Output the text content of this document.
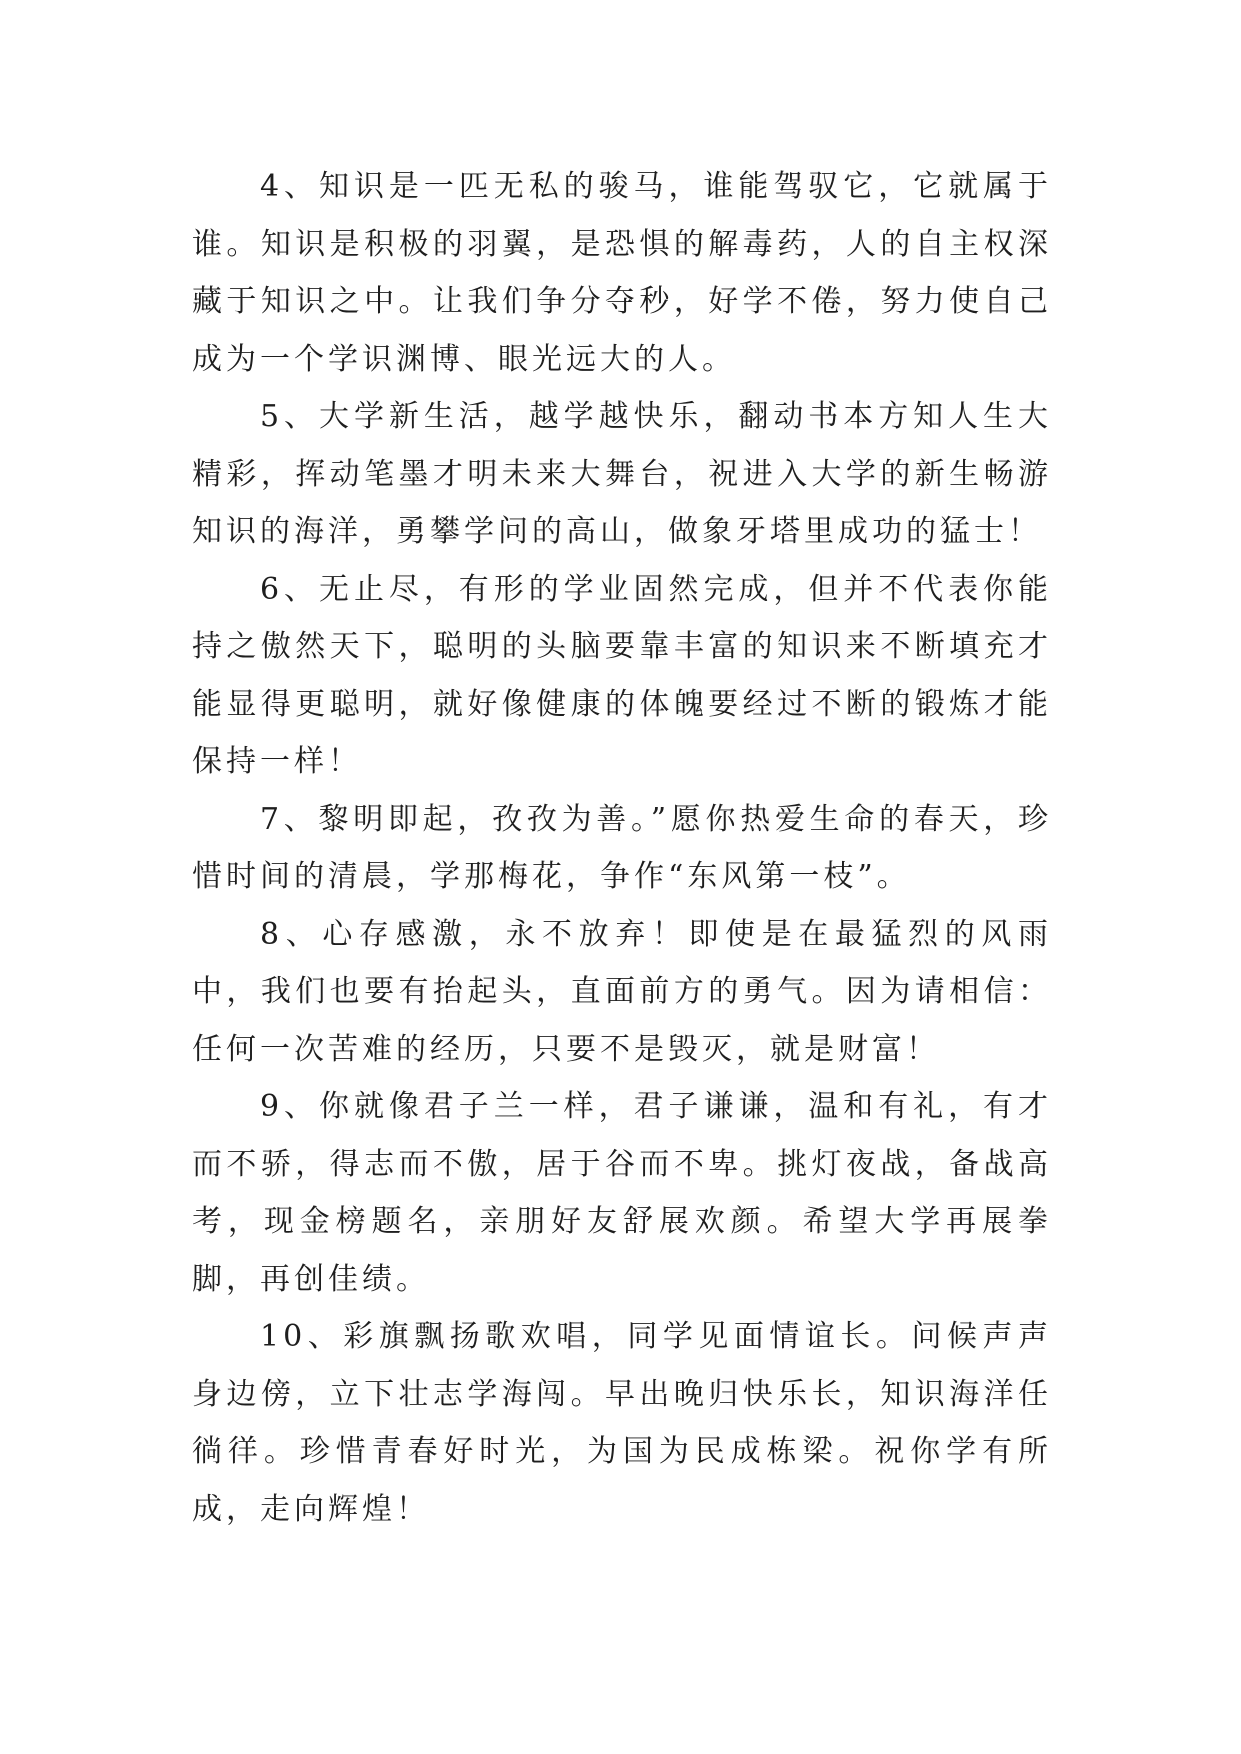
4、知识是一匹无私的骏马，谁能驾驭它，它就属于谁。知识是积极的羽翼，是恐惧的解毒药，人的自主权深藏于知识之中。让我们争分夺秒，好学不倦，努力使自己成为一个学识渊博、眼光远大的人。

5、大学新生活，越学越快乐，翻动书本方知人生大精彩，挥动笔墨才明未来大舞台，祝进入大学的新生畅游知识的海洋，勇攀学问的高山，做象牙塔里成功的猛士！

6、无止尽，有形的学业固然完成，但并不代表你能持之傲然天下，聪明的头脑要靠丰富的知识来不断填充才能显得更聪明，就好像健康的体魄要经过不断的锻炼才能保持一样！

7、黎明即起，孜孜为善。”愿你热爱生命的春天，珍惜时间的清晨，学那梅花，争作“东风第一枝”。

8、心存感激，永不放弃！即使是在最猛烈的风雨中，我们也要有抬起头，直面前方的勇气。因为请相信：任何一次苦难的经历，只要不是毁灭，就是财富！

9、你就像君子兰一样，君子谦谦，温和有礼，有才而不骄，得志而不傲，居于谷而不卑。挑灯夜战，备战高考，现金榜题名，亲朋好友舒展欢颜。希望大学再展拳脚，再创佳绩。

10、彩旗飘扬歌欢唱，同学见面情谊长。问候声声身边傍，立下壮志学海闯。早出晚归快乐长，知识海洋任徜徉。珍惜青春好时光，为国为民成栋梁。祝你学有所成，走向辉煌！
